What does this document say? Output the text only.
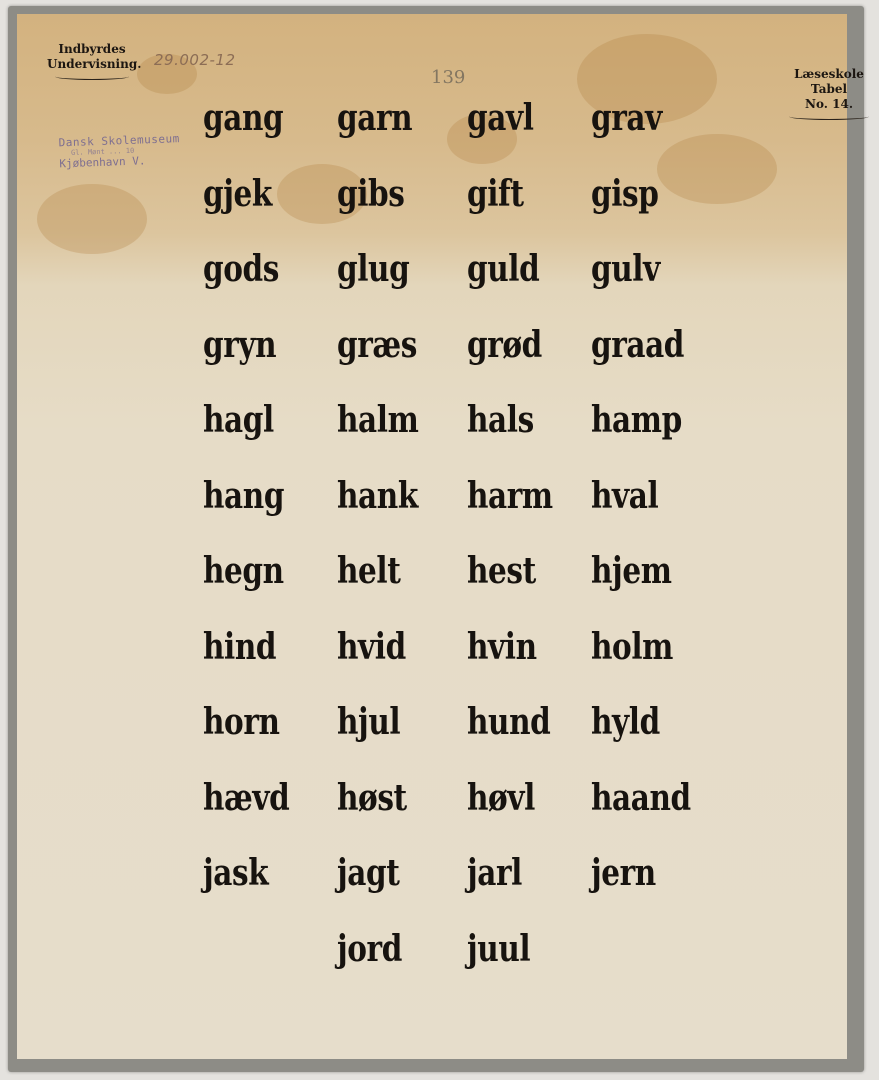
Indbyrdes
Undervisning. 29.002-12
139	Læseskole Tabel
No. 14.
Dansk Skolemuseum
Gl. Mønt ... 10
Kjøbenhavn V.
gang garn gavl grav
gjek gibs gift gisp
gods glug guld gulv
gryn græs grød graad
hagl halm hals hamp
hang hank harm hval
hegn helt hest hjem
hind hvid hvin holm
horn hjul hund hyld
hævd høst høvl haand
jask jagt jarl jern
jord juul
